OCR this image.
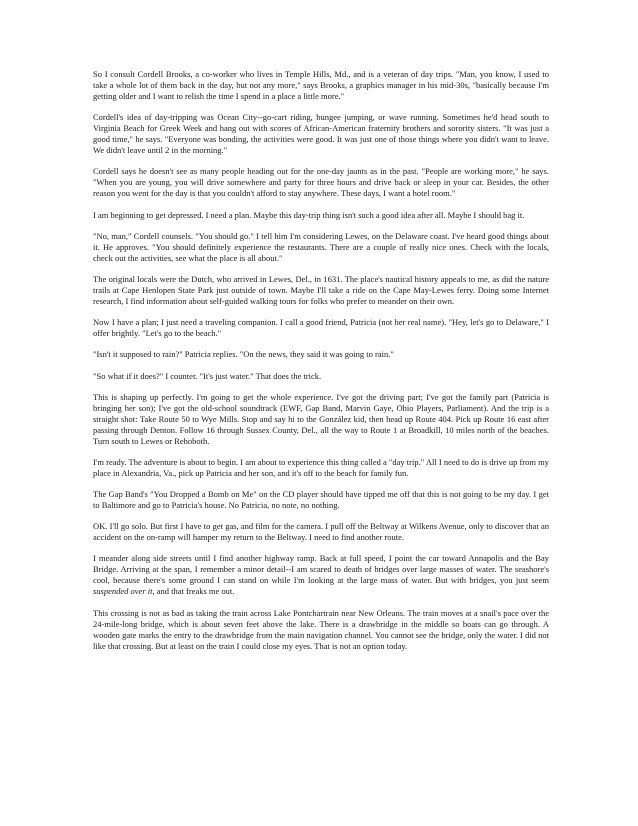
So I consult Cordell Brooks, a co-worker who lives in Temple Hills, Md., and is a veteran of day trips. "Man, you know, I used to take a whole lot of them back in the day, but not any more," says Brooks, a graphics manager in his mid-30s, "basically because I'm getting older and I want to relish the time I spend in a place a little more."

Cordell's idea of day-tripping was Ocean City--go-cart riding, bungee jumping, or wave running. Sometimes he'd head south to Virginia Beach for Greek Week and hang out with scores of African-American fraternity brothers and sorority sisters. "It was just a good time," he says. "Everyone was bonding, the activities were good. It was just one of those things where you didn't want to leave. We didn't leave until 2 in the morning."

Cordell says he doesn't see as many people heading out for the one-day jaunts as in the past. "People are working more," he says. "When you are young, you will drive somewhere and party for three hours and drive back or sleep in your car. Besides, the other reason you went for the day is that you couldn't afford to stay anywhere. These days, I want a hotel room."

I am beginning to get depressed. I need a plan. Maybe this day-trip thing isn't such a good idea after all. Maybe I should bag it.

"No, man," Cordell counsels. "You should go." I tell him I'm considering Lewes, on the Delaware coast. I've heard good things about it. He approves. "You should definitely experience the restaurants. There are a couple of really nice ones. Check with the locals, check out the activities, see what the place is all about."

The original locals were the Dutch, who arrived in Lewes, Del., in 1631. The place's nautical history appeals to me, as did the nature trails at Cape Henlopen State Park just outside of town. Maybe I'll take a ride on the Cape May-Lewes ferry. Doing some Internet research, I find information about self-guided walking tours for folks who prefer to meander on their own.

Now I have a plan; I just need a traveling companion. I call a good friend, Patricia (not her real name). "Hey, let's go to Delaware," I offer brightly. "Let's go to the beach."

"Isn't it supposed to rain?" Patricia replies. "On the news, they said it was going to rain."

"So what if it does?" I counter. "It's just water." That does the trick.

This is shaping up perfectly. I'm going to get the whole experience. I've got the driving part; I've got the family part (Patricia is bringing her son); I've got the old-school soundtrack (EWF, Gap Band, Marvin Gaye, Ohio Players, Parliament). And the trip is a straight shot: Take Route 50 to Wye Mills. Stop and say hi to the González kid, then head up Route 404. Pick up Route 16 east after passing through Denton. Follow 16 through Sussex County, Del., all the way to Route 1 at Broadkill, 10 miles north of the beaches. Turn south to Lewes or Rehoboth.

I'm ready. The adventure is about to begin. I am about to experience this thing called a "day trip." All I need to do is drive up from my place in Alexandria, Va., pick up Patricia and her son, and it's off to the beach for family fun.

The Gap Band's "You Dropped a Bomb on Me" on the CD player should have tipped me off that this is not going to be my day. I get to Baltimore and go to Patricia's house. No Patricia, no note, no nothing.

OK. I'll go solo. But first I have to get gas, and film for the camera. I pull off the Beltway at Wilkens Avenue, only to discover that an accident on the on-ramp will hamper my return to the Beltway. I need to find another route.

I meander along side streets until I find another highway ramp. Back at full speed, I point the car toward Annapolis and the Bay Bridge. Arriving at the span, I remember a minor detail--I am scared to death of bridges over large masses of water. The seashore's cool, because there's some ground I can stand on while I'm looking at the large mass of water. But with bridges, you just seem suspended over it, and that freaks me out.

This crossing is not as bad as taking the train across Lake Pontchartrain near New Orleans. The train moves at a snail's pace over the 24-mile-long bridge, which is about seven feet above the lake. There is a drawbridge in the middle so boats can go through. A wooden gate marks the entry to the drawbridge from the main navigation channel. You cannot see the bridge, only the water. I did not like that crossing. But at least on the train I could close my eyes. That is not an option today.
